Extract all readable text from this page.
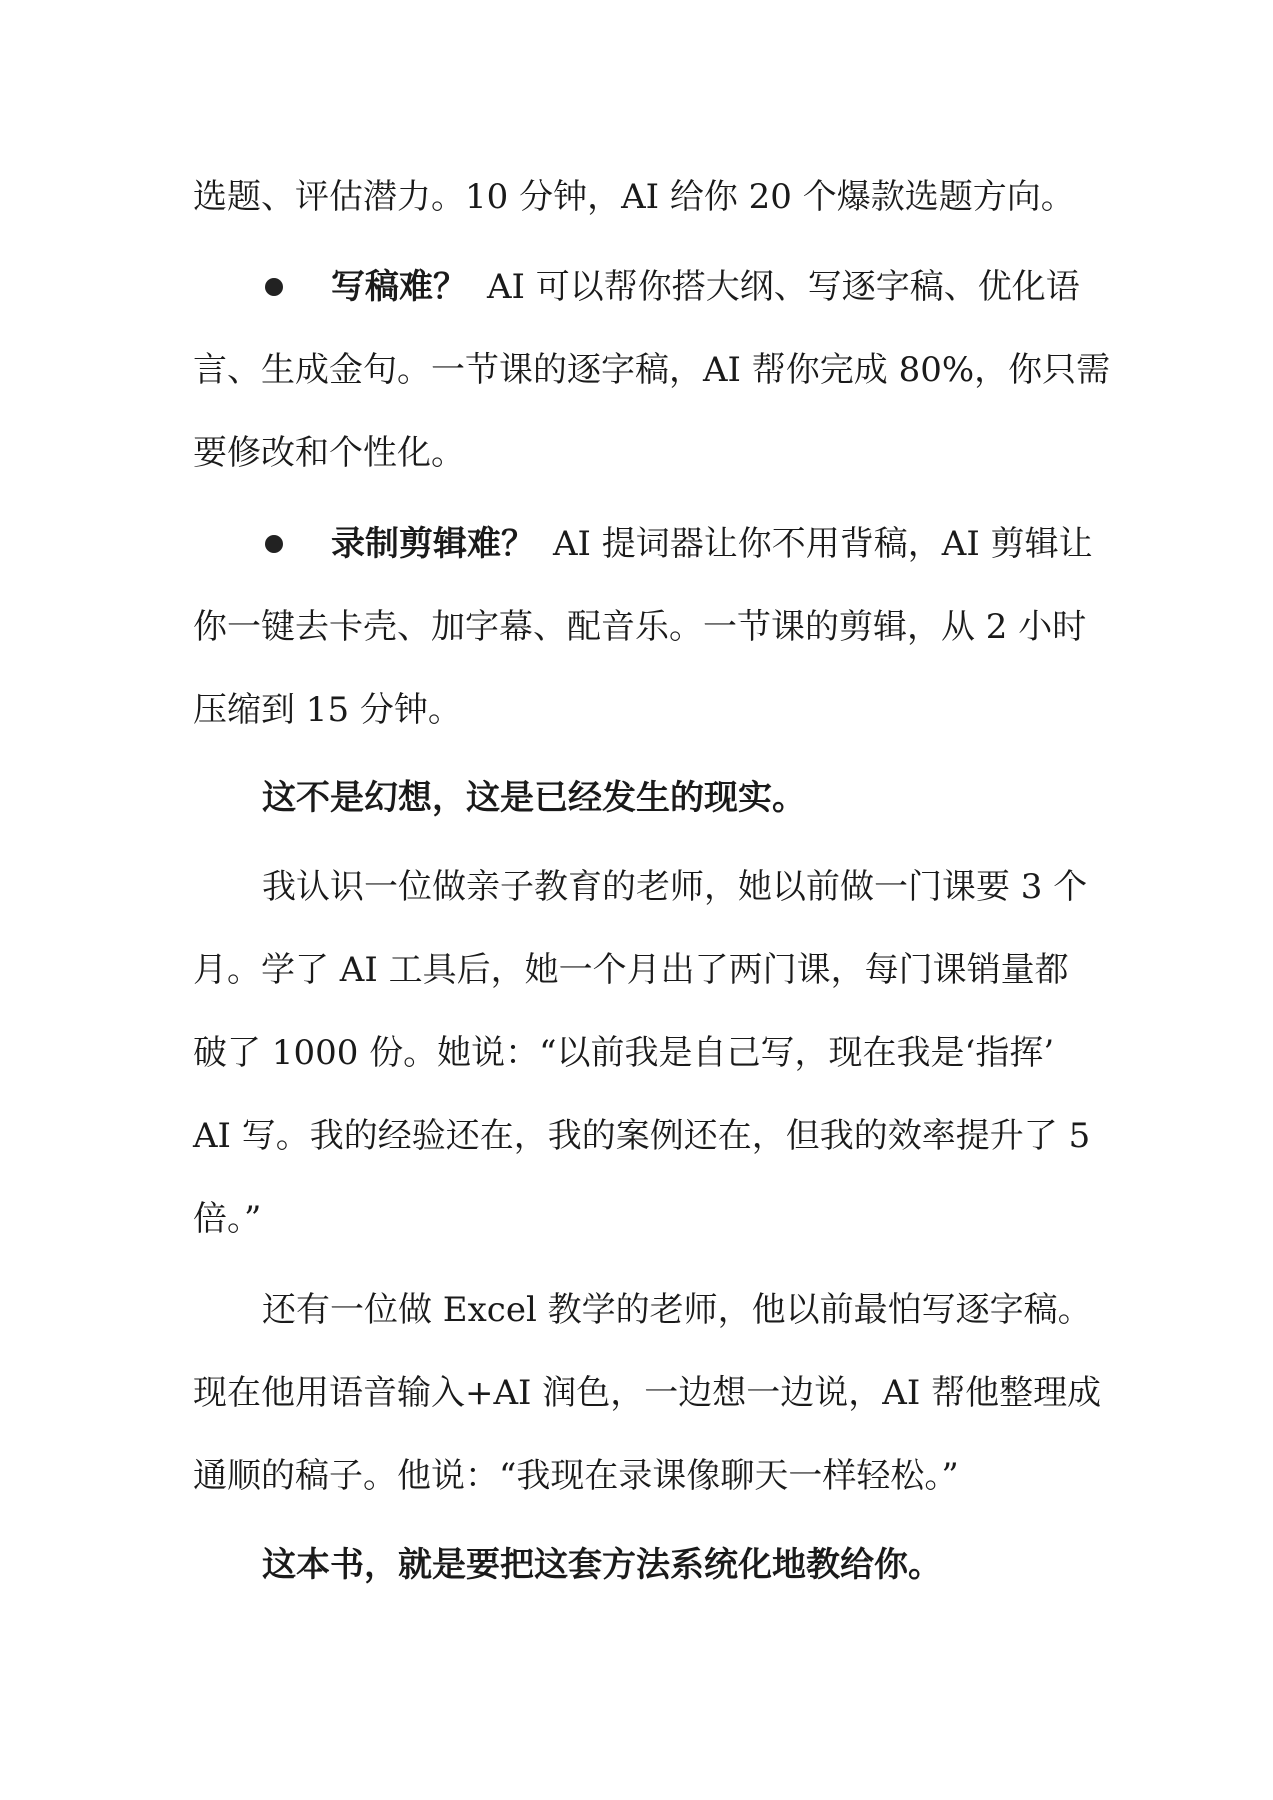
选题、评估潜力。10 分钟，AI 给你 20 个爆款选题方向。
写稿难？ AI 可以帮你搭大纲、写逐字稿、优化语
言、生成金句。一节课的逐字稿，AI 帮你完成 80%，你只需
要修改和个性化。
录制剪辑难？ AI 提词器让你不用背稿，AI 剪辑让
你一键去卡壳、加字幕、配音乐。一节课的剪辑，从 2 小时
压缩到 15 分钟。
这不是幻想，这是已经发生的现实。
我认识一位做亲子教育的老师，她以前做一门课要 3 个
月。学了 AI 工具后，她一个月出了两门课，每门课销量都
破了 1000 份。她说：“以前我是自己写，现在我是‘指挥’
AI 写。我的经验还在，我的案例还在，但我的效率提升了 5
倍。”
还有一位做 Excel 教学的老师，他以前最怕写逐字稿。
现在他用语音输入+AI 润色，一边想一边说，AI 帮他整理成
通顺的稿子。他说：“我现在录课像聊天一样轻松。”
这本书，就是要把这套方法系统化地教给你。
